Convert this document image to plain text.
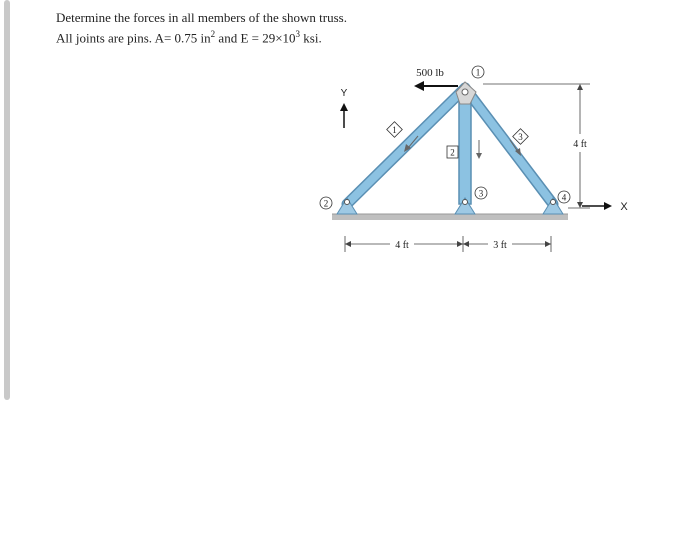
Determine the forces in all members of the shown truss.
All joints are pins. A= 0.75 $in^2$ and $E = 29\times 10^3$ ksi.
1
2
3
1
2
3	4
500 lb
Y
X
4 ft
4 ft	3 ft
